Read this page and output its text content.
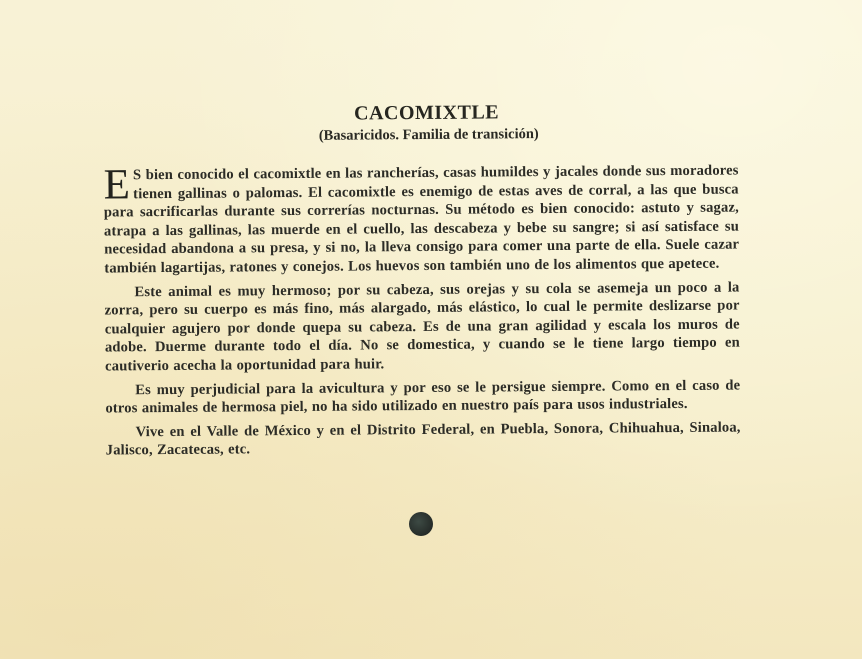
CACOMIXTLE
(Basaricidos. Familia de transición)

E S bien conocido el cacomixtle en las rancherías, casas humildes y jacales donde sus moradores tienen gallinas o palomas. El cacomixtle es enemigo de estas aves de corral, a las que busca para sacrificarlas durante sus correrías nocturnas. Su método es bien conocido: astuto y sagaz, atrapa a las gallinas, las muerde en el cuello, las descabeza y bebe su sangre; si así satisface su necesidad abandona a su presa, y si no, la lleva consigo para comer una parte de ella. Suele cazar también lagartijas, ratones y conejos. Los huevos son también uno de los alimentos que apetece.

Este animal es muy hermoso; por su cabeza, sus orejas y su cola se asemeja un poco a la zorra, pero su cuerpo es más fino, más alargado, más elástico, lo cual le permite deslizarse por cualquier agujero por donde quepa su cabeza. Es de una gran agilidad y escala los muros de adobe. Duerme durante todo el día. No se domestica, y cuando se le tiene largo tiempo en cautiverio acecha la oportunidad para huir.

Es muy perjudicial para la avicultura y por eso se le persigue siempre. Como en el caso de otros animales de hermosa piel, no ha sido utilizado en nuestro país para usos industriales.

Vive en el Valle de México y en el Distrito Federal, en Puebla, Sonora, Chihuahua, Sinaloa, Jalisco, Zacatecas, etc.
